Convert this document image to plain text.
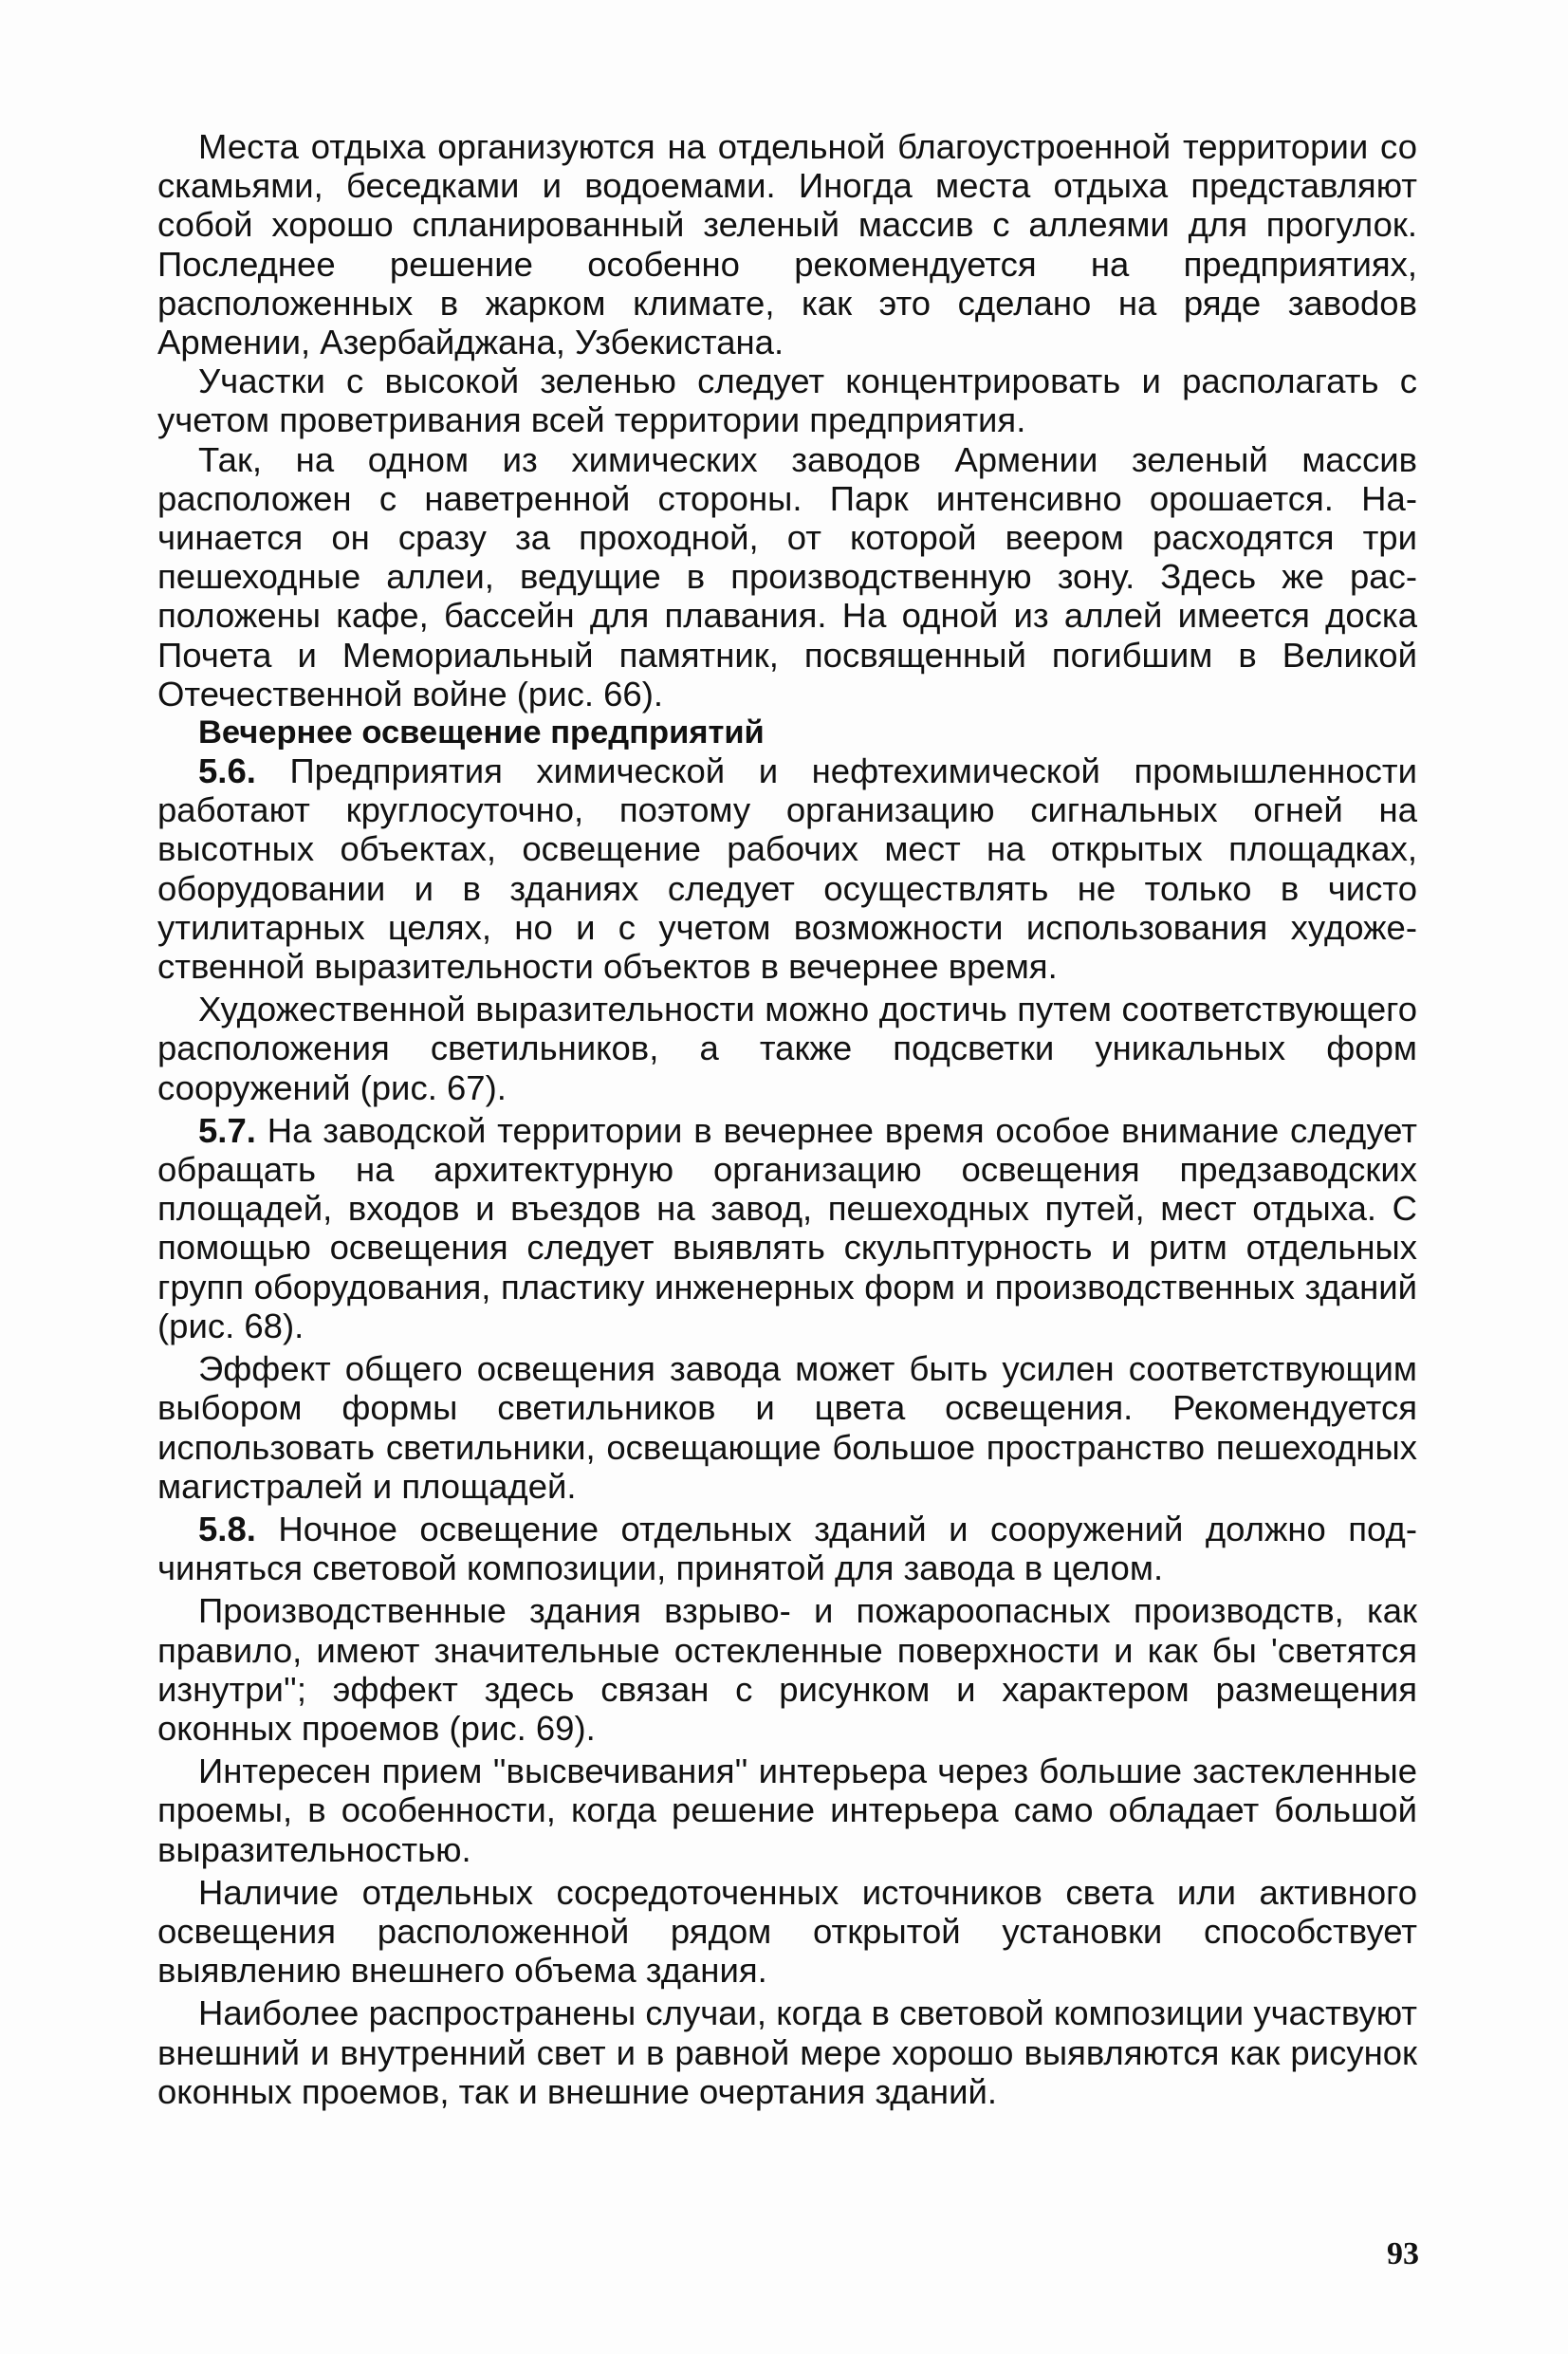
Места отдыха организуются на отдельной благоустроенной территории со скамьями, беседками и водоемами. Иногда места отдыха представляют собой хорошо спланированный зеленый массив с аллеями для прогулок. Последнее решение особенно рекомендуется на предприятиях, расположенных в жарком климате, как это сделано на ряде завоdов Армении, Азербайджана, Узбекистана.

Участки с высокой зеленью следует концентрировать и располагать с учетом проветривания всей территории предприятия.

Так, на одном из химических заводов Армении зеленый массив расположен с наветренной стороны. Парк интенсивно орошается. Начинается он сразу за проходной, от которой веером расходятся три пешеходные аллеи, ведущие в производственную зону. Здесь же расположены кафе, бассейн для плавания. На одной из аллей имеется доска Почета и Мемориальный памятник, посвященный погибшим в Великой Отечественной войне (рис. 66).

Вечернее освещение предприятий

5.6. Предприятия химической и нефтехимической промышленности работают круглосуточно, поэтому организацию сигнальных огней на высотных объектах, освещение рабочих мест на открытых площадках, оборудовании и в зданиях следует осуществлять не только в чисто утилитарных целях, но и с учетом возможности использования художественной выразительности объектов в вечернее время.

Художественной выразительности можно достичь путем соответствующего расположения светильников, а также подсветки уникальных форм сооружений (рис. 67).

5.7. На заводской территории в вечернее время особое внимание следует обращать на архитектурную организацию освещения предзаводских площадей, входов и въездов на завод, пешеходных путей, мест отдыха. С помощью освещения следует выявлять скульптурность и ритм отдельных групп оборудования, пластику инженерных форм и производственных зданий (рис. 68).

Эффект общего освещения завода может быть усилен соответствующим выбором формы светильников и цвета освещения. Рекомендуется использовать светильники, освещающие большое пространство пешеходных магистралей и площадей.

5.8. Ночное освещение отдельных зданий и сооружений должно подчиняться световой композиции, принятой для завода в целом.

Производственные здания взрыво- и пожароопасных производств, как правило, имеют значительные остекленные поверхности и как бы 'светятся изнутри''; эффект здесь связан с рисунком и характером размещения оконных проемов (рис. 69).

Интересен прием ''высвечивания'' интерьера через большие застекленные проемы, в особенности, когда решение интерьера само обладает большой выразительностью.

Наличие отдельных сосредоточенных источников света или активного освещения расположенной рядом открытой установки способствует выявлению внешнего объема здания.

Наиболее распространены случаи, когда в световой композиции участвуют внешний и внутренний свет и в равной мере хорошо выявляются как рисунок оконных проемов, так и внешние очертания зданий.

93
